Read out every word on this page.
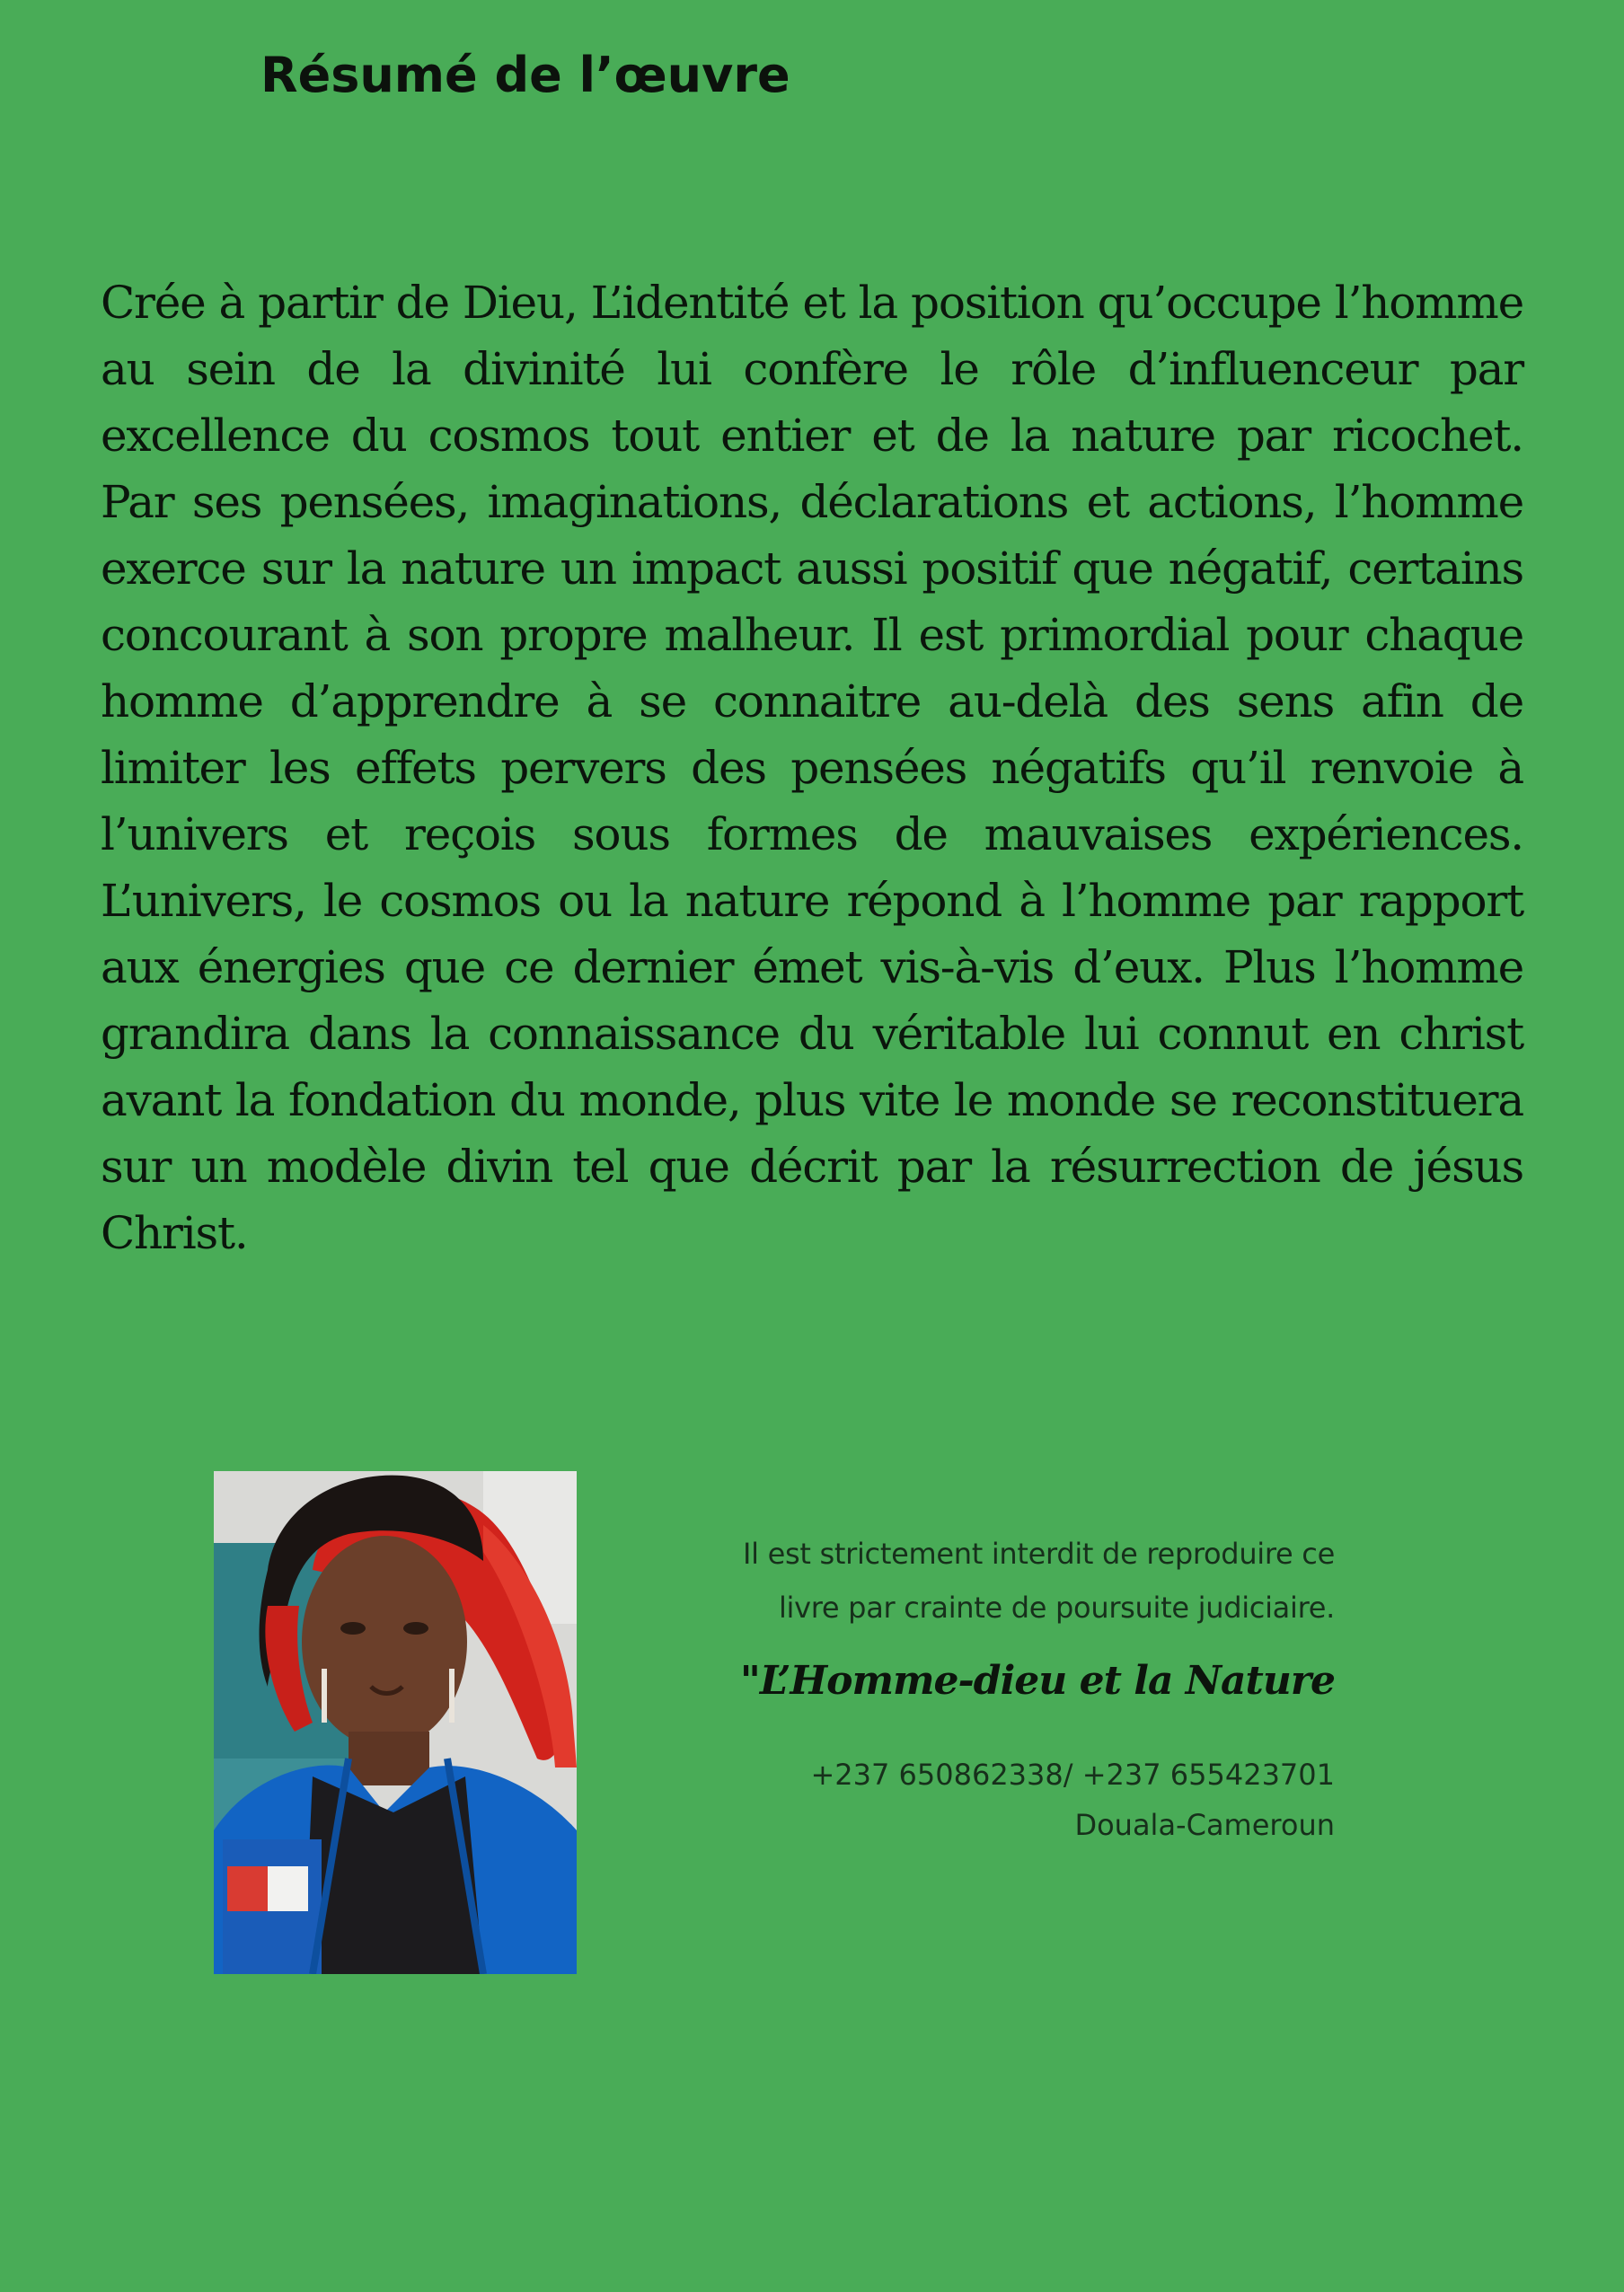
Résumé de l’œuvre

Crée à partir de Dieu, L’identité et la position qu’occupe l’homme au sein de la divinité lui confère le rôle d’influenceur par excellence du cosmos tout entier et de la nature par ricochet. Par ses pensées, imaginations, déclarations et actions, l’homme exerce sur la nature un impact aussi positif que négatif, certains concourant à son propre malheur. Il est primordial pour chaque homme d’apprendre à se connaitre au-delà des sens afin de limiter les effets pervers des pensées négatifs qu’il renvoie à l’univers et reçois sous formes de mauvaises expériences. L’univers, le cosmos ou la nature répond à l’homme par rapport aux énergies que ce dernier émet vis-à-vis d’eux. Plus l’homme grandira dans la connaissance du véritable lui connut en christ avant la fondation du monde, plus vite le monde se reconstituera sur un modèle divin tel que décrit par la résurrection de jésus Christ.

Il est strictement interdit de reproduire ce
livre par crainte de poursuite judiciaire.
"L’Homme-dieu et la Nature
+237 650862338/ +237 655423701
Douala-Cameroun
